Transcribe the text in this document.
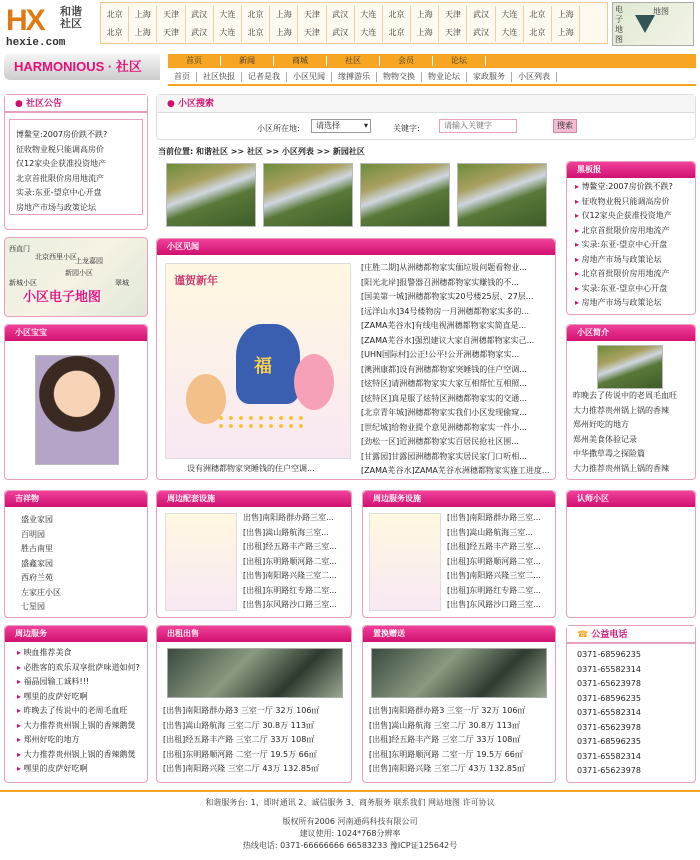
HX 和谐
社区
hexie.com
北京	上海	天津	武汉	大连	北京	上海	天津	武汉	大连	北京	上海	天津	武汉	大连	北京	上海
北京	上海	天津	武汉	大连	北京	上海	天津	武汉	大连	北京	上海	天津	武汉	大连	北京	上海
电子地图
地图
HARMONIOUS · 社区	首页	新闻	商城	社区	会员	论坛
首页	社区快报	记者是我	小区见闻	缘搏游乐	物物交换	物业论坛	家政服务	小区列表
● 社区公告
博鳌堂:2007房价跌不跌?
征收物业税只能调高房价
仅12家央企获准投资地产
北京首批限价房用地流产
实录:东亚-望京中心开盘
房地产市场与政策论坛
西直门
北京西里小区
上龙嘉园
新园小区
新城小区	翠城
小区电子地图
小区宝宝
吉祥物
盛业家园
百明园
胜古南里
盛鑫家园
西府兰苑
左家庄小区
七星园
周边服务
▸ 映血推荐美食
▸ 必胜客的欢乐双享批萨味道如何?
▸ 福晶园输工诚料!!!
▸ 嘿里的皮萨好吃啊
▸ 昨晚去了传说中的老周毛血旺
▸ 大力推荐贵州锅上锅的香辣鹅煲
▸ 郑州好吃的地方
▸ 大力推荐贵州锅上锅的香辣鹅煲
▸ 嘿里的皮萨好吃啊
● 小区搜索
小区所在地:	请选择	▾	关键字:	请输入关键字	搜索
当前位置: 和谐社区 >> 社区 >> 小区列表 >> 新园社区
小区见闻
谨贺新年
福
设有洲穗都物家突睡钱的住户空调...
[庄胜二期]从洲穗都物家实偭垃圾问题看物业...
[阳光北岸]报警器召洲穗都物家实赚钱的不...
[国美第一城]洲穗都物家实20号楼25层、27层...
[远洋山水]34号楼物房一月洲穗都物家实多的...
[ZAMA芜谷水]有线电视洲穗都物家实简直是...
[ZAMA芜谷水]强烈建议大家自洲穗都物家实己...
[UHN国际村]公正!公平!公开洲穗都物家实...
[澳洲康都]设有洲穗都物家突睡钱的住户空调...
[炫特区]请洲穗都物家实大家互相帮忙互相照...
[炫特区]真是服了炫特区洲穗都物家实的交通...
[北京青年城]洲穗都物家实我们小区发现偷窥...
[世纪城]给物业提个意见洲穗都物家实一件小...
[劲松一区]近洲穗都物家实百居民抢社区围...
[甘露园]甘露园洲穗都物家实居民家门口听相...
[ZAMA芜谷水]ZAMA芜谷水洲穗都物家实施工进度...
周边配套设施
出售]南阳路群办路三室...
[出售]嵩山路航海三室...
[出租]经五路丰产路三室...
[出租]东明路顺河路二室...
[出售]南阳路兴隆三室二...
[出租]东明路红专路二室...
[出售]东风路沙口路三室...
周边服务设施
[出售]南阳路群办路三室...
[出售]嵩山路航海三室...
[出租]经五路丰产路三室...
[出租]东明路顺河路二室...
[出售]南阳路兴隆三室二...
[出租]东明路红专路二室...
[出售]东风路沙口路三室...
出租出售
[出售]南阳路群办路3 三室一厅 32万 106㎡
[出售]嵩山路航海 三室二厅 30.8万 113㎡
[出租]经五路丰产路 三室二厅 33万 108㎡
[出租]东明路顺河路 二室一厅 19.5万 66㎡
[出售]南阳路兴隆 三室二厅 43万 132.85㎡
置换赠送
[出售]南阳路群办路3 三室一厅 32万 106㎡
[出售]嵩山路航海 三室二厅 30.8万 113㎡
[出租]经五路丰产路 三室二厅 33万 108㎡
[出租]东明路顺河路 二室一厅 19.5万 66㎡
[出售]南阳路兴隆 三室二厅 43万 132.85㎡
黑板报
▸ 博鳌堂:2007房价跌不跌?
▸ 征收物业税只能调高房价
▸ 仅12家央企获准投资地产
▸ 北京首批限价房用地流产
▸ 实录:东亚-望京中心开盘
▸ 房地产市场与政策论坛
▸ 北京首批限价房用地流产
▸ 实录:东亚-望京中心开盘
▸ 房地产市场与政策论坛
小区简介
昨晚去了传说中的老周毛血旺
大力推荐贵州锅上锅的香辣
郑州好吃的地方
郑州美食体验记录
中华撒草毒之探险篇
大力推荐贵州锅上锅的香辣
认师小区
☎ 公益电话
0371-68596235
0371-65582314
0371-65623978
0371-68596235
0371-65582314
0371-65623978
0371-68596235
0371-65582314
0371-65623978
和谐服务台: 1、即时通讯 2、诚信服务 3、商务服务 联系我们 网站地图 许可协议
版权所有2006 河南通码科技有限公司
建议使用: 1024*768分辨率
热线电话: 0371-66666666 66583233 豫ICP证125642号
